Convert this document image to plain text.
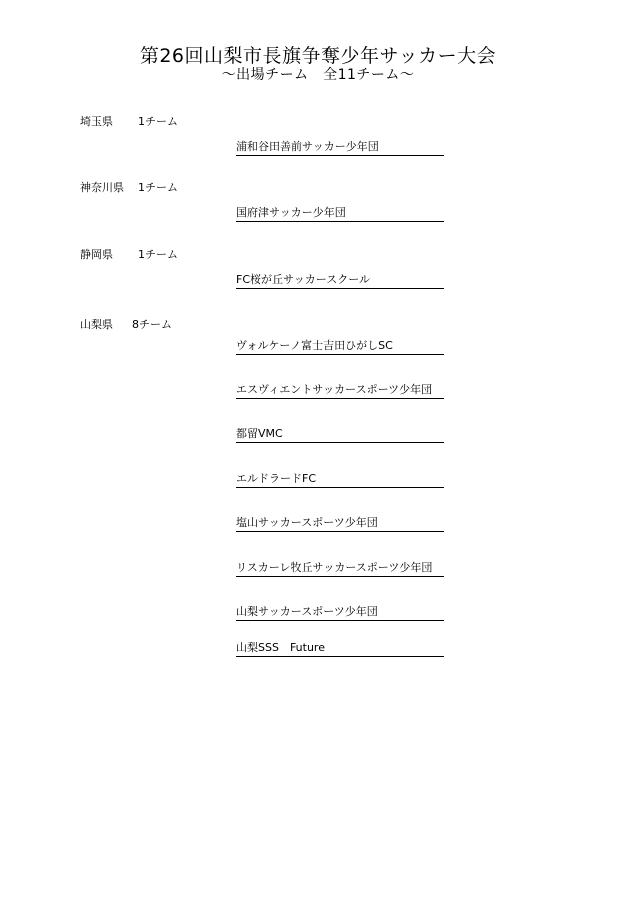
第26回山梨市長旗争奪少年サッカー大会
～出場チーム　全11チーム～
埼玉県 1チーム
浦和谷田善前サッカー少年団
神奈川県 1チーム
国府津サッカー少年団
静岡県 1チーム
FC桜が丘サッカースクール
山梨県 8チーム
ヴォルケーノ富士吉田ひがしSC
エスヴィエントサッカースポーツ少年団
都留VMC
エルドラードFC
塩山サッカースポーツ少年団
リスカーレ牧丘サッカースポーツ少年団
山梨サッカースポーツ少年団
山梨SSS　Future
